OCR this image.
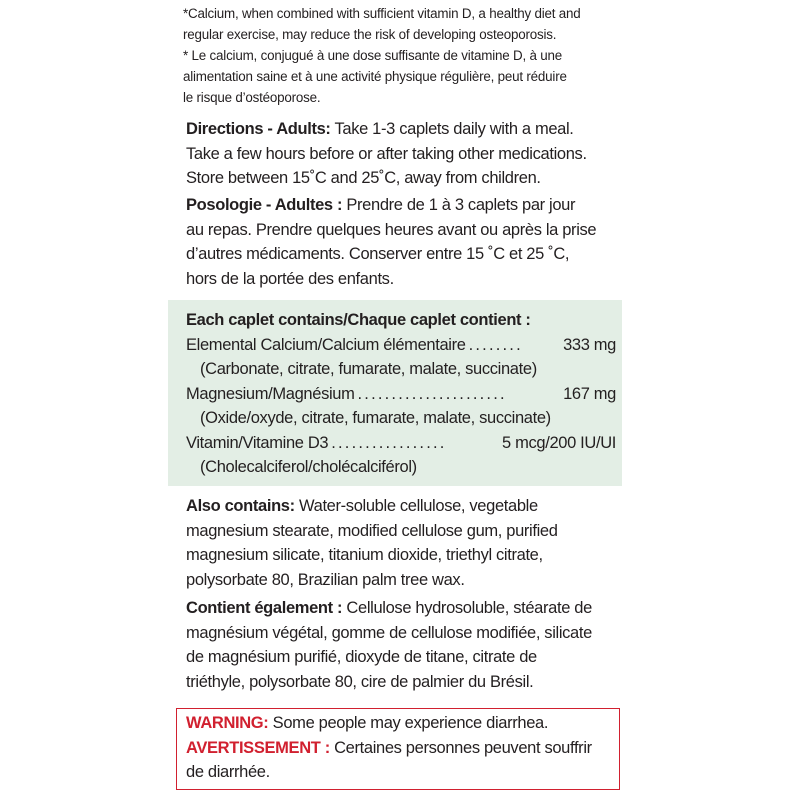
*Calcium, when combined with sufficient vitamin D, a healthy diet and

regular exercise, may reduce the risk of developing osteoporosis.

* Le calcium, conjugué à une dose suffisante de vitamine D, à une

alimentation saine et à une activité physique régulière, peut réduire

le risque d’ostéoporose.

Directions - Adults: Take 1-3 caplets daily with a meal.
Take a few hours before or after taking other medications.
Store between 15˚C and 25˚C, away from children.
Posologie - Adultes : Prendre de 1 à 3 caplets par jour
au repas. Prendre quelques heures avant ou après la prise
d’autres médicaments. Conserver entre 15 ˚C et 25 ˚C,
hors de la portée des enfants.
Each caplet contains/Chaque caplet contient :
Elemental Calcium/Calcium élémentaire ........	333 mg
(Carbonate, citrate, fumarate, malate, succinate)
Magnesium/Magnésium ......................	167 mg
(Oxide/oxyde, citrate, fumarate, malate, succinate)
Vitamin/Vitamine D3 .................	5 mcg/200 IU/UI
(Cholecalciferol/cholécalciférol)
Also contains: Water-soluble cellulose, vegetable
magnesium stearate, modified cellulose gum, purified
magnesium silicate, titanium dioxide, triethyl citrate,
polysorbate 80, Brazilian palm tree wax.
Contient également : Cellulose hydrosoluble, stéarate de
magnésium végétal, gomme de cellulose modifiée, silicate
de magnésium purifié, dioxyde de titane, citrate de
triéthyle, polysorbate 80, cire de palmier du Brésil.
WARNING: Some people may experience diarrhea.
AVERTISSEMENT : Certaines personnes peuvent souffrir
de diarrhée.
